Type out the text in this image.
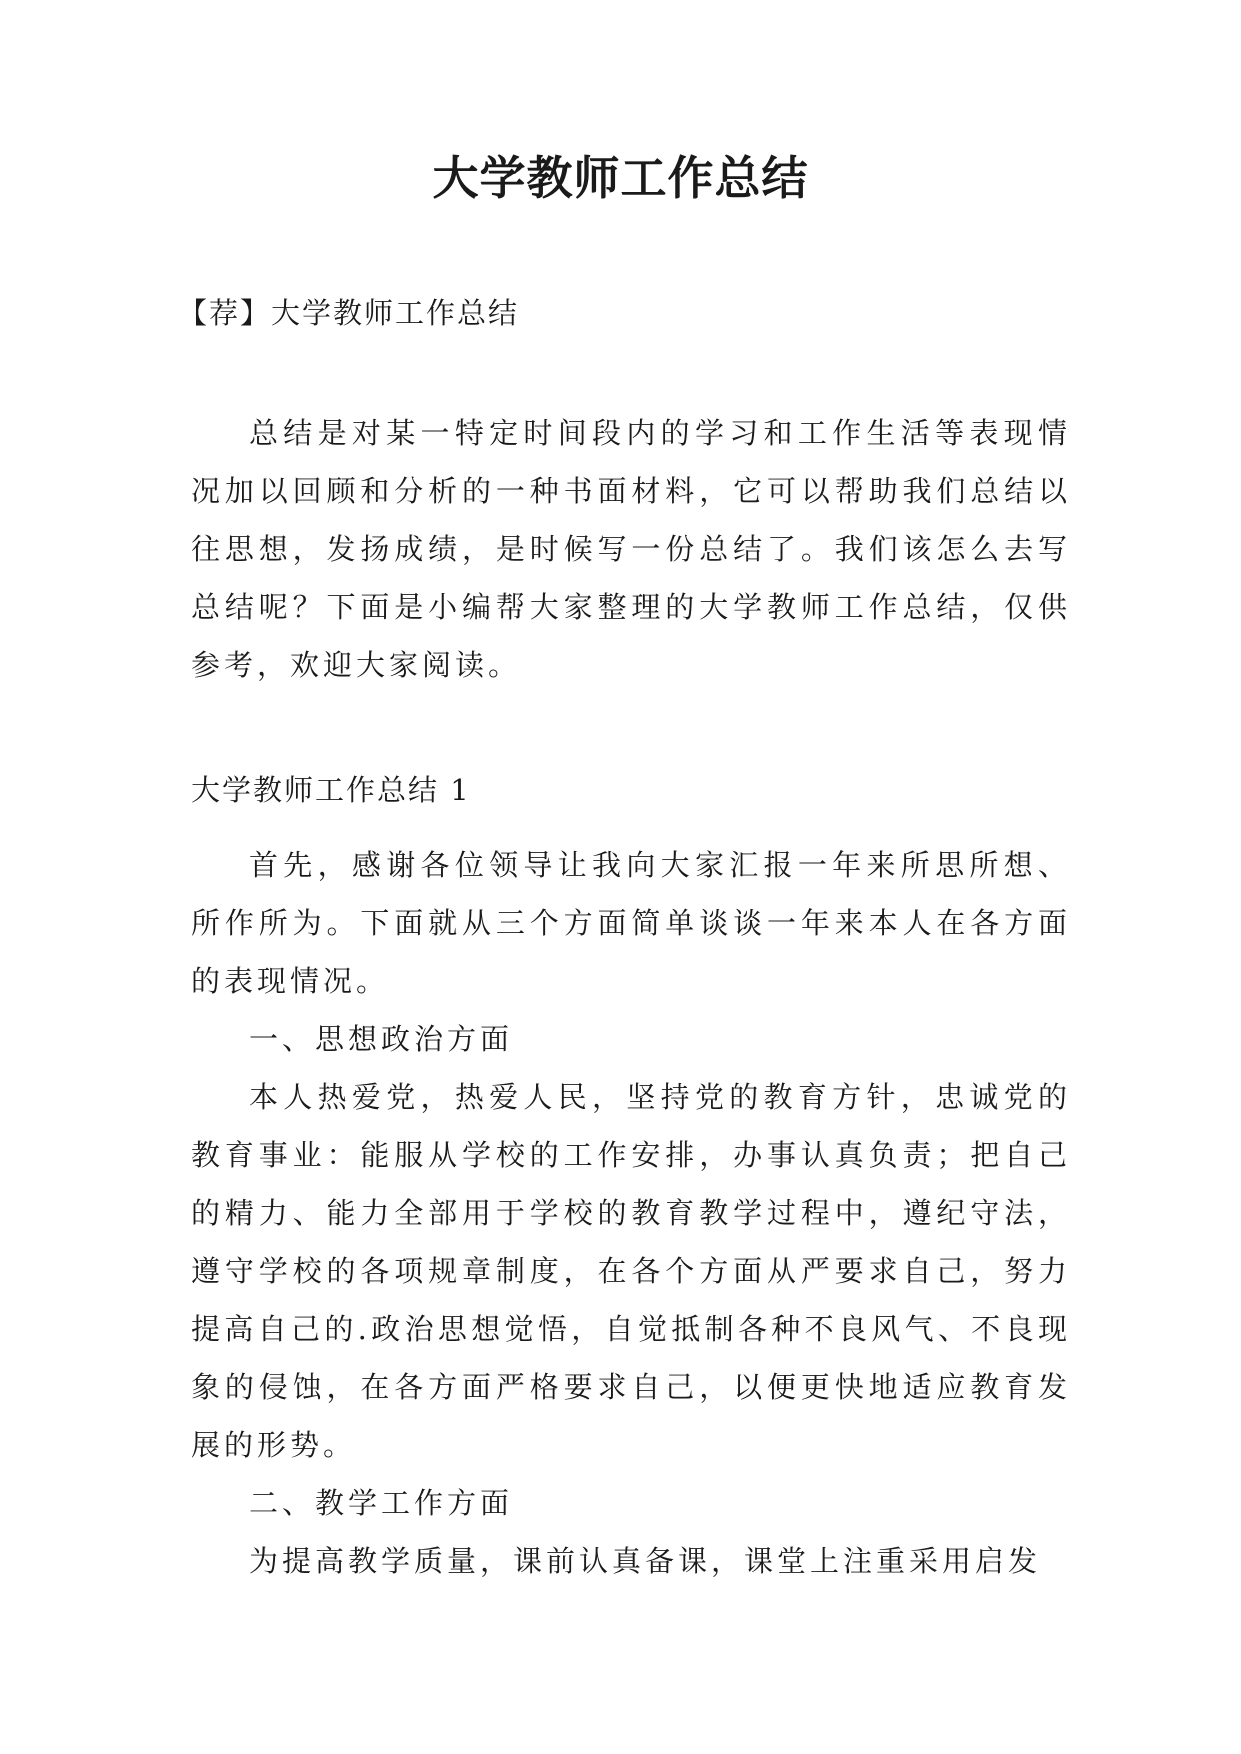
大学教师工作总结
【荐】大学教师工作总结

总结是对某一特定时间段内的学习和工作生活等表现情况加以回顾和分析的一种书面材料，它可以帮助我们总结以往思想，发扬成绩，是时候写一份总结了。我们该怎么去写总结呢？下面是小编帮大家整理的大学教师工作总结，仅供参考，欢迎大家阅读。

大学教师工作总结 1

首先，感谢各位领导让我向大家汇报一年来所思所想、所作所为。下面就从三个方面简单谈谈一年来本人在各方面的表现情况。

一、思想政治方面

本人热爱党，热爱人民，坚持党的教育方针，忠诚党的教育事业：能服从学校的工作安排，办事认真负责；把自己的精力、能力全部用于学校的教育教学过程中，遵纪守法，遵守学校的各项规章制度，在各个方面从严要求自己，努力提高自己的.政治思想觉悟，自觉抵制各种不良风气、不良现象的侵蚀，在各方面严格要求自己，以便更快地适应教育发展的形势。

二、教学工作方面

为提高教学质量，课前认真备课，课堂上注重采用启发
